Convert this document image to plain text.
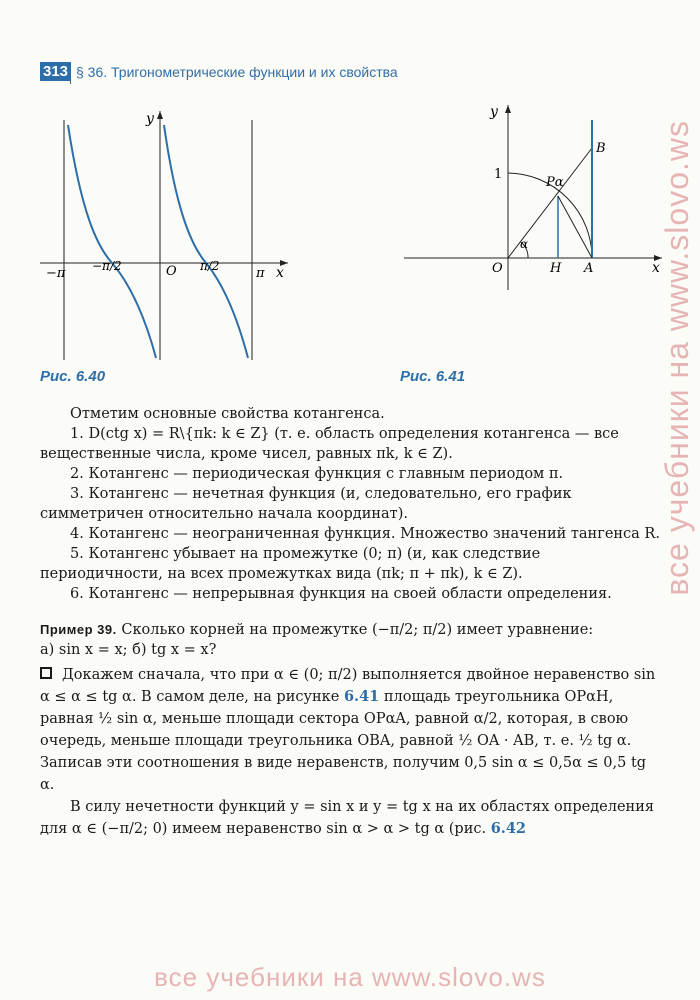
313 § 36. Тригонометрические функции и их свойства
−π −π/2	O π/2	π x
y
Рис. 6.40
y
x
1
O	H A
B
Pα
α
Рис. 6.41

Отметим основные свойства котангенса.

1. D(ctg x) = R\{πk: k ∈ Z} (т. е. область определения котангенса — все вещественные числа, кроме чисел, равных πk, k ∈ Z).

2. Котангенс — периодическая функция с главным периодом π.

3. Котангенс — нечетная функция (и, следовательно, его график симметричен относительно начала координат).

4. Котангенс — неограниченная функция. Множество значений тангенса R.

5. Котангенс убывает на промежутке (0; π) (и, как следствие периодичности, на всех промежутках вида (πk; π + πk), k ∈ Z).

6. Котангенс — непрерывная функция на своей области определения.

Пример 39. Сколько корней на промежутке (−π/2; π/2) имеет уравнение:

а) sin x = x; б) tg x = x?

Докажем сначала, что при α ∈ (0; π/2) выполняется двойное неравенство sin α ≤ α ≤ tg α. В самом деле, на рисунке 6.41 площадь треугольника OPαH, равная ½ sin α, меньше площади сектора OPαA, равной α/2, которая, в свою очередь, меньше площади треугольника OBA, равной ½ OA · AB, т. е. ½ tg α. Записав эти соотношения в виде неравенств, получим 0,5 sin α ≤ 0,5α ≤ 0,5 tg α.

В силу нечетности функций y = sin x и y = tg x на их областях определения для α ∈ (−π/2; 0) имеем неравенство sin α > α > tg α (рис. 6.42

все учебники на www.slovo.ws
все учебники на www.slovo.ws
